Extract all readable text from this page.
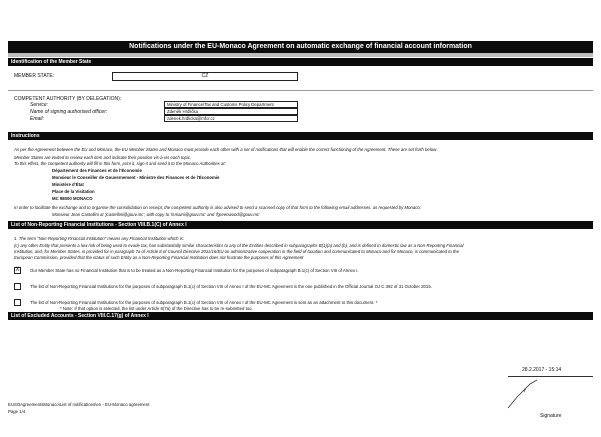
Notifications under the EU-Monaco Agreement on automatic exchange of financial account information
Identification of the Member State
MEMBER STATE:	CZ
COMPETENT AUTHORITY (BY DELEGATION):
Service:
Name of signing authorised officer:
Email:
Ministry of Finance/Tax and Customs Policy Department
Zdeněk Hrdlička
zdenek.hrdlicka@mfcr.cz
Instructions
As per the Agreement between the EU and Monaco, the EU Member States and Monaco must provide each other with a set of notifications that will enable the correct functioning of the Agreement. These are set forth below.
Member States are invited to review each item and indicate their position vis-à-vis each topic.
To this effect, the competent authority will fill in this form, print it, sign it and send it to the Monaco Authorities at:
Département des Finances et de l'Économie
Monsieur le Conseiller de Gouvernement - Ministre des Finances et de l'Économie
Ministère d'État
Place de la Visitation
MC 98000 MONACO
In order to facilitate the exchange and to organise the consolidation on receipt, the competent authority is also advised to send a scanned copy of that form to the following email addresses, as requested by Monaco:
Monsieur Jean Castellini at 'jcastellini@gouv.mc', with copy to 'tsmaini@gouv.mc' and 'fgreenwood@gouv.mc'
List of Non-Reporting Financial Institutions - Section VIII.B.1(C) of Annex I
1. The term "Non-Reporting Financial Institution" means any Financial Institution which is:
(c) any other Entity that presents a low risk of being used to evade tax, has substantially similar characteristics to any of the Entities described in subparagraphs B(1)(a) and (b), and is defined in domestic law as a Non-Reporting Financial
Institution, and, for Member States, is provided for in paragraph 7a of Article 8 of Council Directive 2011/16/EU on administrative cooperation in the field of taxation and communicated to Monaco and for Monaco, is communicated to the
European Commission, provided that the status of such Entity as a Non-Reporting Financial Institution does not frustrate the purposes of this Agreement
X	Our Member State has no Financial Institution that is to be treated as a Non-Reporting Financial Institution for the purposes of subparagraph B.1(c) of Section VIII of Annex I.
The list of Non-Reporting Financial Institutions for the purposes of subparagraph B.1(c) of Section VIII of Annex I of the EU-MC Agreement is the one published in the Official Journal OJ C 392 of 31 October 2015.
The list of Non-Reporting Financial Institutions for the purposes of subparagraph B.1(c) of Section VIII of Annex I of the EU-MC Agreement is sent as an attachment to this document. *
* Note: If that option is selected, the list under Article 8(7a) of the Directive has to be re-submitted too.
List of Excluded Accounts - Section VIII.C.17(g) of Annex I
28.2.2017 - 15:14
EUSOAgreementsMonaco\List of notifications\en - EU-Monaco agreement
Page 1/4
Signature
